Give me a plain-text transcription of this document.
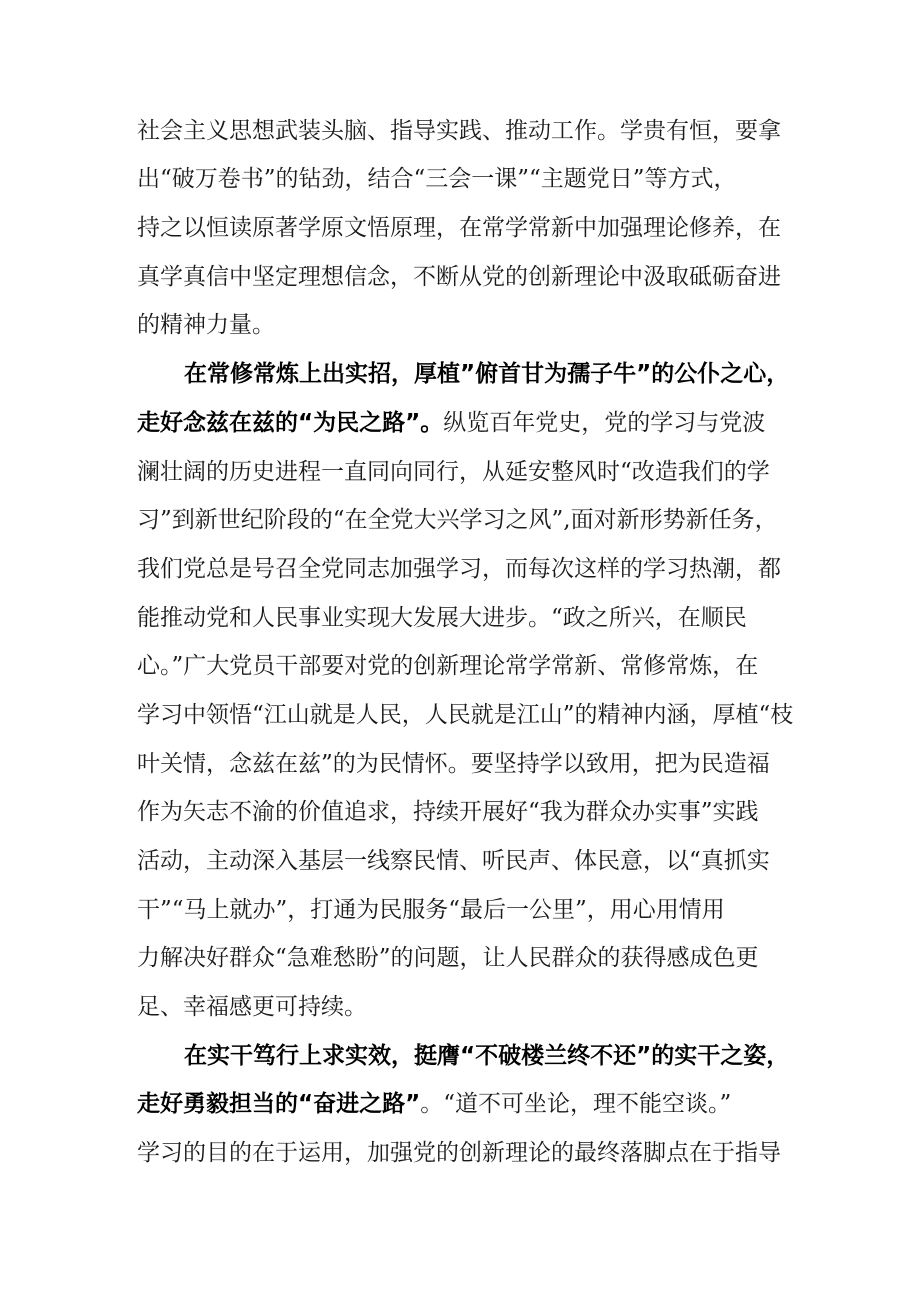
社会主义思想武装头脑、指导实践、推动工作。学贵有恒，要拿
出“破万卷书”的钻劲，结合“三会一课”“主题党日”等方式，
持之以恒读原著学原文悟原理，在常学常新中加强理论修养，在
真学真信中坚定理想信念，不断从党的创新理论中汲取砥砺奋进
的精神力量。
在常修常炼上出实招，厚植”俯首甘为孺子牛”的公仆之心，
走好念兹在兹的“为民之路”。纵览百年党史，党的学习与党波
澜壮阔的历史进程一直同向同行，从延安整风时“改造我们的学
习”到新世纪阶段的“在全党大兴学习之风”,面对新形势新任务，
我们党总是号召全党同志加强学习，而每次这样的学习热潮，都
能推动党和人民事业实现大发展大进步。“政之所兴，在顺民
心。”广大党员干部要对党的创新理论常学常新、常修常炼，在
学习中领悟“江山就是人民，人民就是江山”的精神内涵，厚植“枝
叶关情，念兹在兹”的为民情怀。要坚持学以致用，把为民造福
作为矢志不渝的价值追求，持续开展好“我为群众办实事”实践
活动，主动深入基层一线察民情、听民声、体民意，以“真抓实
干”“马上就办”，打通为民服务“最后一公里”，用心用情用
力解决好群众“急难愁盼”的问题，让人民群众的获得感成色更
足、幸福感更可持续。
在实干笃行上求实效，挺膺“不破楼兰终不还”的实干之姿，
走好勇毅担当的“奋进之路”。“道不可坐论，理不能空谈。”
学习的目的在于运用，加强党的创新理论的最终落脚点在于指导
